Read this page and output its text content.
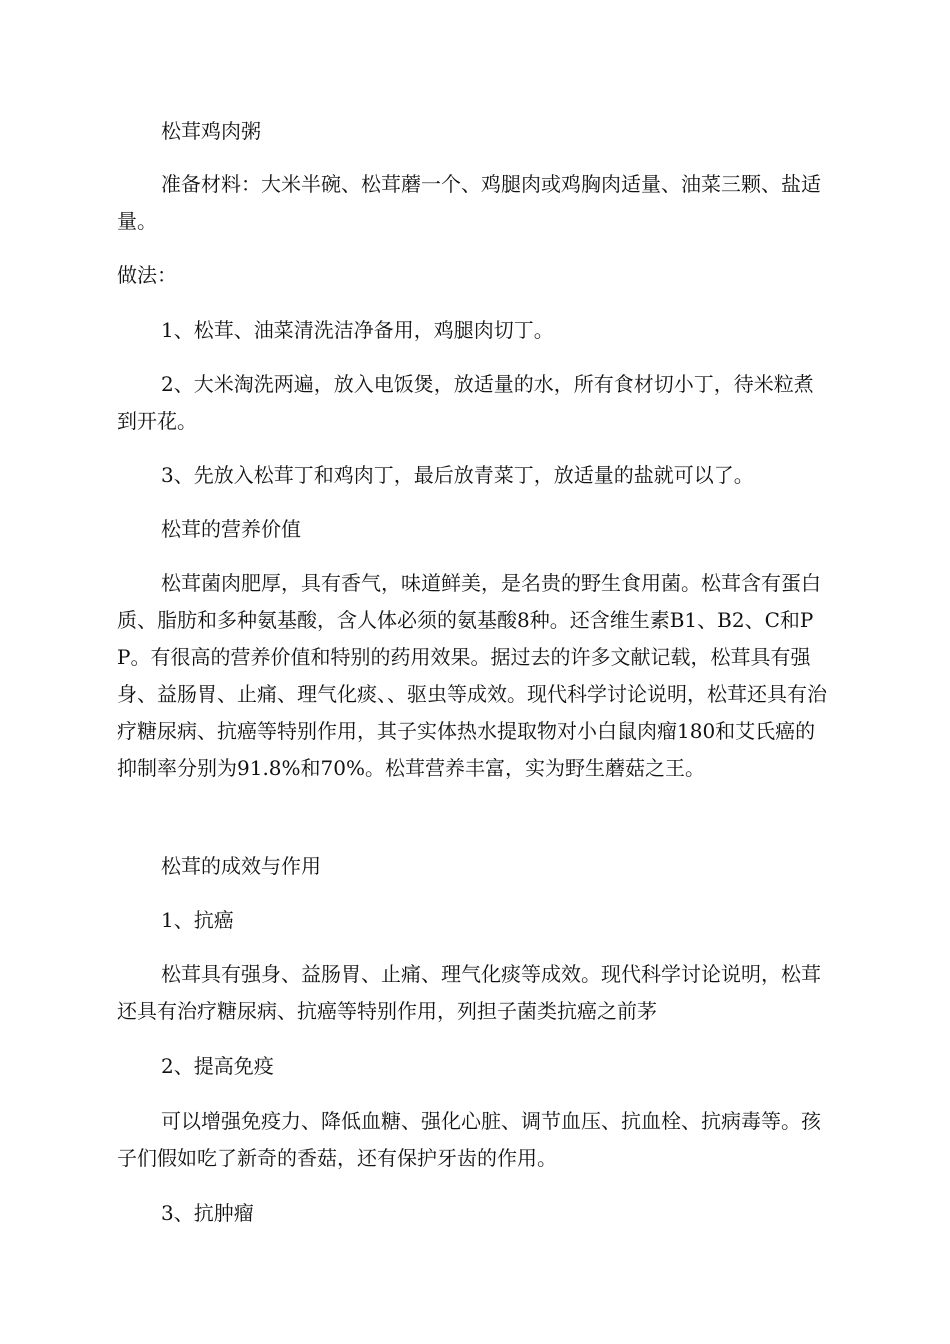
松茸鸡肉粥

准备材料：大米半碗、松茸蘑一个、鸡腿肉或鸡胸肉适量、油菜三颗、盐适量。

做法：

1、松茸、油菜清洗洁净备用，鸡腿肉切丁。

2、大米淘洗两遍，放入电饭煲，放适量的水，所有食材切小丁，待米粒煮到开花。

3、先放入松茸丁和鸡肉丁，最后放青菜丁，放适量的盐就可以了。

松茸的营养价值

松茸菌肉肥厚，具有香气，味道鲜美，是名贵的野生食用菌。松茸含有蛋白质、脂肪和多种氨基酸，含人体必须的氨基酸8种。还含维生素B1、B2、C和PP。有很高的营养价值和特别的药用效果。据过去的许多文献记载，松茸具有强身、益肠胃、止痛、理气化痰、、驱虫等成效。现代科学讨论说明，松茸还具有治疗糖尿病、抗癌等特别作用，其子实体热水提取物对小白鼠肉瘤180和艾氏癌的抑制率分别为91.8%和70%。松茸营养丰富，实为野生蘑菇之王。

松茸的成效与作用

1、抗癌

松茸具有强身、益肠胃、止痛、理气化痰等成效。现代科学讨论说明，松茸还具有治疗糖尿病、抗癌等特别作用，列担子菌类抗癌之前茅

2、提高免疫

可以增强免疫力、降低血糖、强化心脏、调节血压、抗血栓、抗病毒等。孩子们假如吃了新奇的香菇，还有保护牙齿的作用。

3、抗肿瘤
